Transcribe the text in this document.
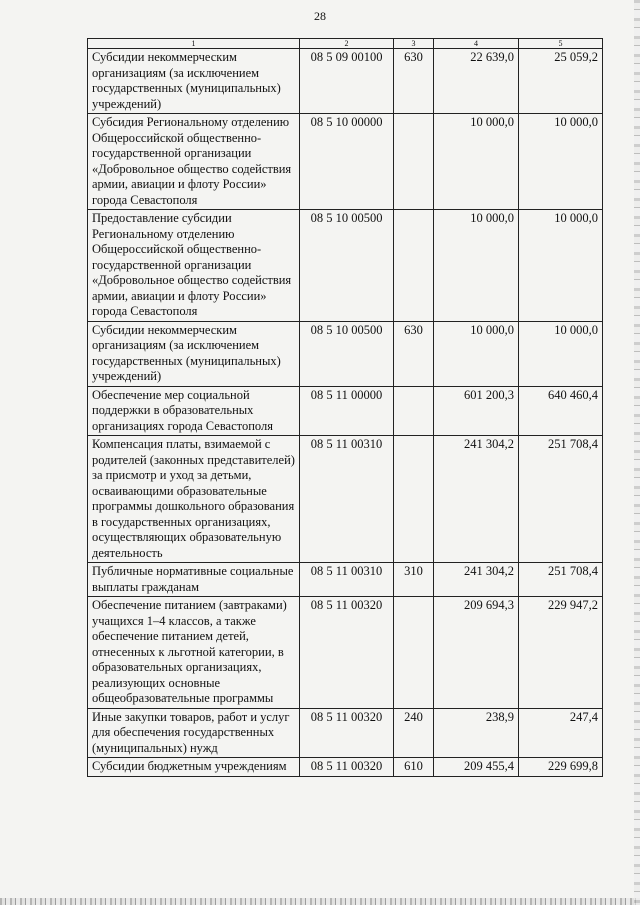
28
1	2	3	4	5
Субсидии некоммерческим организациям (за исключением государственных (муниципальных) учреждений)	08 5 09 00100	630	22 639,0	25 059,2
Субсидия Региональному отделению Общероссийской общественно-государственной организации «Добровольное общество содействия армии, авиации и флоту России» города Севастополя	08 5 10 00000		10 000,0	10 000,0
Предоставление субсидии Региональному отделению Общероссийской общественно-государственной организации «Добровольное общество содействия армии, авиации и флоту России» города Севастополя	08 5 10 00500		10 000,0	10 000,0
Субсидии некоммерческим организациям (за исключением государственных (муниципальных) учреждений)	08 5 10 00500	630	10 000,0	10 000,0
Обеспечение мер социальной поддержки в образовательных организациях города Севастополя	08 5 11 00000		601 200,3	640 460,4
Компенсация платы, взимаемой с родителей (законных представителей) за присмотр и уход за детьми, осваивающими образовательные программы дошкольного образования в государственных организациях, осуществляющих образовательную деятельность	08 5 11 00310		241 304,2	251 708,4
Публичные нормативные социальные выплаты гражданам	08 5 11 00310	310	241 304,2	251 708,4
Обеспечение питанием (завтраками) учащихся 1–4 классов, а также обеспечение питанием детей, отнесенных к льготной категории, в образовательных организациях, реализующих основные общеобразовательные программы	08 5 11 00320		209 694,3	229 947,2
Иные закупки товаров, работ и услуг для обеспечения государственных (муниципальных) нужд	08 5 11 00320	240	238,9	247,4
Субсидии бюджетным учреждениям	08 5 11 00320	610	209 455,4	229 699,8
